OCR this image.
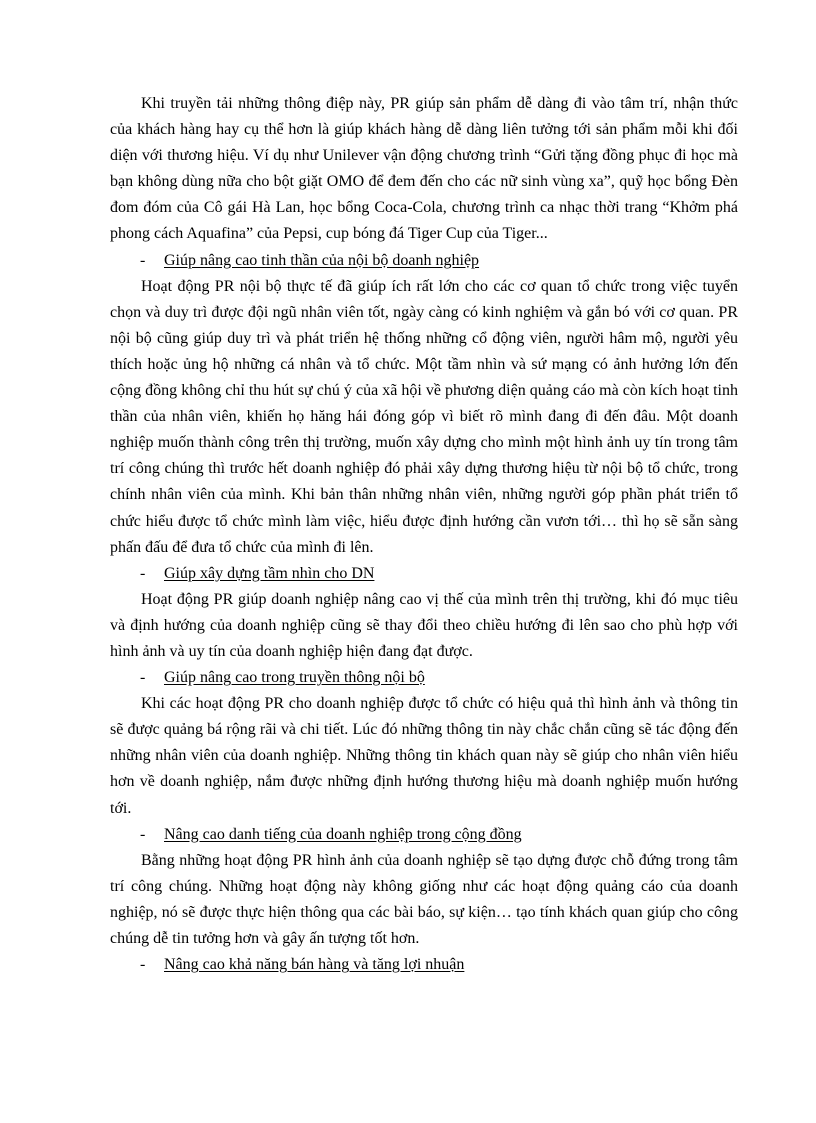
Khi truyền tải những thông điệp này, PR giúp sản phẩm dễ dàng đi vào tâm trí, nhận thức của khách hàng hay cụ thể hơn là giúp khách hàng dễ dàng liên tưởng tới sản phẩm mỗi khi đối diện với thương hiệu. Ví dụ như Unilever vận động chương trình “Gửi tặng đồng phục đi học mà bạn không dùng nữa cho bột giặt OMO để đem đến cho các nữ sinh vùng xa”, quỹ học bổng Đèn đom đóm của Cô gái Hà Lan, học bổng Coca-Cola, chương trình ca nhạc thời trang “Khởm phá phong cách Aquafina” của Pepsi, cup bóng đá Tiger Cup của Tiger...

- Giúp nâng cao tinh thần của nội bộ doanh nghiệp

Hoạt động PR nội bộ thực tế đã giúp ích rất lớn cho các cơ quan tổ chức trong việc tuyển chọn và duy trì được đội ngũ nhân viên tốt, ngày càng có kinh nghiệm và gắn bó với cơ quan. PR nội bộ cũng giúp duy trì và phát triển hệ thống những cổ động viên, người hâm mộ, người yêu thích hoặc ủng hộ những cá nhân và tổ chức. Một tầm nhìn và sứ mạng có ảnh hưởng lớn đến cộng đồng không chỉ thu hút sự chú ý của xã hội về phương diện quảng cáo mà còn kích hoạt tinh thần của nhân viên, khiến họ hăng hái đóng góp vì biết rõ mình đang đi đến đâu. Một doanh nghiệp muốn thành công trên thị trường, muốn xây dựng cho mình một hình ảnh uy tín trong tâm trí công chúng thì trước hết doanh nghiệp đó phải xây dựng thương hiệu từ nội bộ tổ chức, trong chính nhân viên của mình. Khi bản thân những nhân viên, những người góp phần phát triển tổ chức hiểu được tổ chức mình làm việc, hiểu được định hướng cần vươn tới… thì họ sẽ sẵn sàng phấn đấu để đưa tổ chức của mình đi lên.

- Giúp xây dựng tầm nhìn cho DN

Hoạt động PR giúp doanh nghiệp nâng cao vị thế của mình trên thị trường, khi đó mục tiêu và định hướng của doanh nghiệp cũng sẽ thay đổi theo chiều hướng đi lên sao cho phù hợp với hình ảnh và uy tín của doanh nghiệp hiện đang đạt được.

- Giúp nâng cao trong truyền thông nội bộ

Khi các hoạt động PR cho doanh nghiệp được tổ chức có hiệu quả thì hình ảnh và thông tin sẽ được quảng bá rộng rãi và chi tiết. Lúc đó những thông tin này chắc chắn cũng sẽ tác động đến những nhân viên của doanh nghiệp. Những thông tin khách quan này sẽ giúp cho nhân viên hiểu hơn về doanh nghiệp, nắm được những định hướng thương hiệu mà doanh nghiệp muốn hướng tới.

- Nâng cao danh tiếng của doanh nghiệp trong cộng đồng

Bằng những hoạt động PR hình ảnh của doanh nghiệp sẽ tạo dựng được chỗ đứng trong tâm trí công chúng. Những hoạt động này không giống như các hoạt động quảng cáo của doanh nghiệp, nó sẽ được thực hiện thông qua các bài báo, sự kiện… tạo tính khách quan giúp cho công chúng dễ tin tưởng hơn và gây ấn tượng tốt hơn.

- Nâng cao khả năng bán hàng và tăng lợi nhuận
